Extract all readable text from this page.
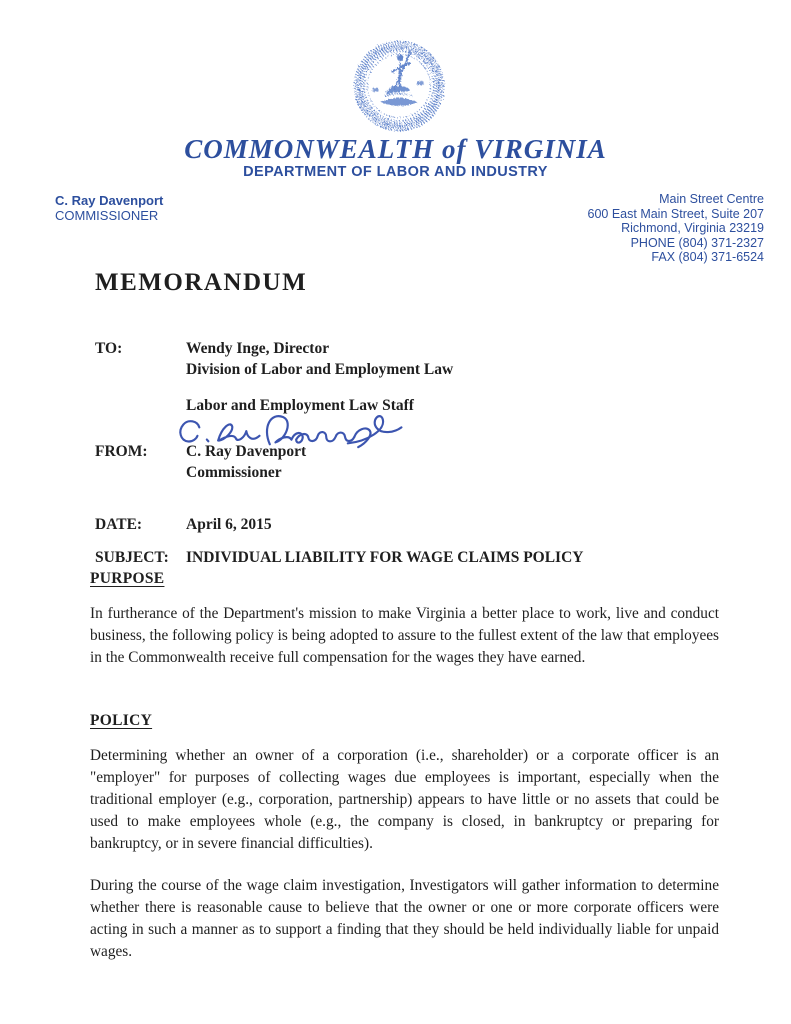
COMMONWEALTH of VIRGINIA
DEPARTMENT OF LABOR AND INDUSTRY
C. Ray Davenport
COMMISSIONER
Main Street Centre
600 East Main Street, Suite 207
Richmond, Virginia 23219
PHONE (804) 371-2327
FAX (804) 371-6524
MEMORANDUM
TO:	Wendy Inge, Director
Division of Labor and Employment Law
Labor and Employment Law Staff
FROM:	C. Ray Davenport
Commissioner
DATE:	April 6, 2015
SUBJECT:	INDIVIDUAL LIABILITY FOR WAGE CLAIMS POLICY
PURPOSE

In furtherance of the Department's mission to make Virginia a better place to work, live and conduct business, the following policy is being adopted to assure to the fullest extent of the law that employees in the Commonwealth receive full compensation for the wages they have earned.

POLICY

Determining whether an owner of a corporation (i.e., shareholder) or a corporate officer is an "employer" for purposes of collecting wages due employees is important, especially when the traditional employer (e.g., corporation, partnership) appears to have little or no assets that could be used to make employees whole (e.g., the company is closed, in bankruptcy or preparing for bankruptcy, or in severe financial difficulties).

During the course of the wage claim investigation, Investigators will gather information to determine whether there is reasonable cause to believe that the owner or one or more corporate officers were acting in such a manner as to support a finding that they should be held individually liable for unpaid wages.
